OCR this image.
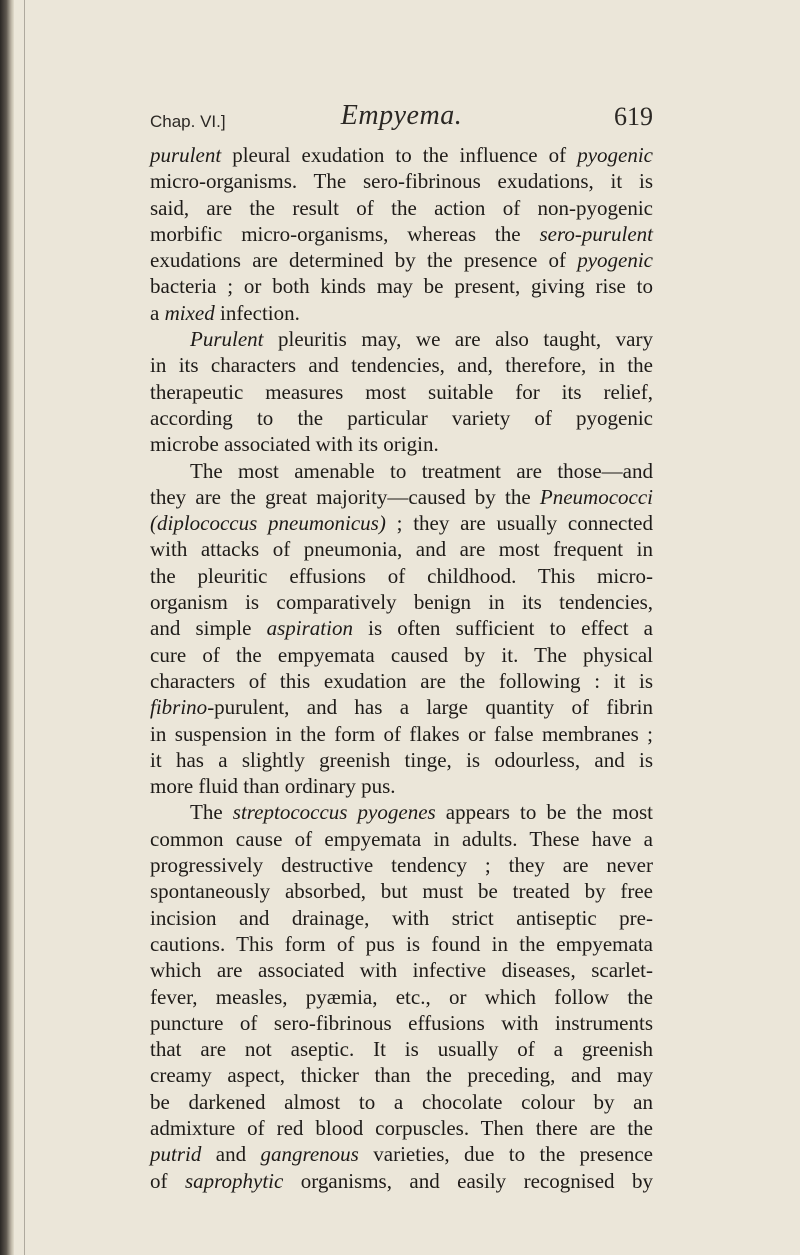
Chap. VI.]	Empyema.	619
purulent pleural exudation to the influence of pyogenic
micro-organisms. The sero-fibrinous exudations, it is
said, are the result of the action of non-pyogenic
morbific micro-organisms, whereas the sero-purulent
exudations are determined by the presence of pyogenic
bacteria ; or both kinds may be present, giving rise to
a mixed infection.
Purulent pleuritis may, we are also taught, vary
in its characters and tendencies, and, therefore, in the
therapeutic measures most suitable for its relief,
according to the particular variety of pyogenic
microbe associated with its origin.
The most amenable to treatment are those—and
they are the great majority—caused by the Pneumococci
(diplococcus pneumonicus) ; they are usually connected
with attacks of pneumonia, and are most frequent in
the pleuritic effusions of childhood. This micro-
organism is comparatively benign in its tendencies,
and simple aspiration is often sufficient to effect a
cure of the empyemata caused by it. The physical
characters of this exudation are the following : it is
fibrino-purulent, and has a large quantity of fibrin
in suspension in the form of flakes or false membranes ;
it has a slightly greenish tinge, is odourless, and is
more fluid than ordinary pus.
The streptococcus pyogenes appears to be the most
common cause of empyemata in adults. These have a
progressively destructive tendency ; they are never
spontaneously absorbed, but must be treated by free
incision and drainage, with strict antiseptic pre-
cautions. This form of pus is found in the empyemata
which are associated with infective diseases, scarlet-
fever, measles, pyæmia, etc., or which follow the
puncture of sero-fibrinous effusions with instruments
that are not aseptic. It is usually of a greenish
creamy aspect, thicker than the preceding, and may
be darkened almost to a chocolate colour by an
admixture of red blood corpuscles. Then there are the
putrid and gangrenous varieties, due to the presence
of saprophytic organisms, and easily recognised by
